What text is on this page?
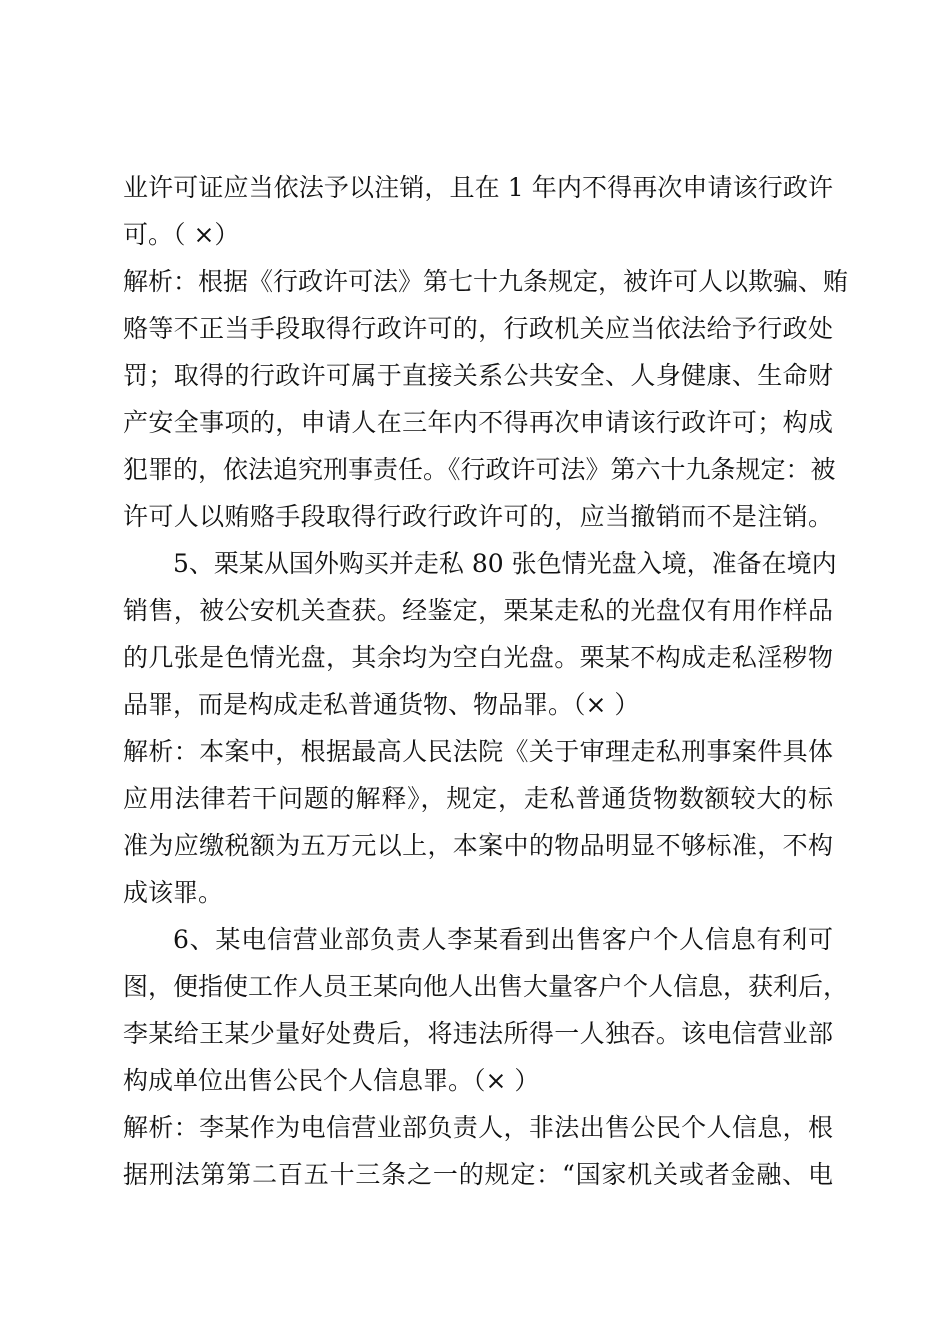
业许可证应当依法予以注销，且在 1 年内不得再次申请该行政许
可。（ ×）
解析：根据《行政许可法》第七十九条规定，被许可人以欺骗、贿
赂等不正当手段取得行政许可的，行政机关应当依法给予行政处
罚；取得的行政许可属于直接关系公共安全、人身健康、生命财
产安全事项的，申请人在三年内不得再次申请该行政许可；构成
犯罪的，依法追究刑事责任。《行政许可法》第六十九条规定：被
许可人以贿赂手段取得行政行政许可的，应当撤销而不是注销。
5、栗某从国外购买并走私 80 张色情光盘入境，准备在境内
销售，被公安机关查获。经鉴定，栗某走私的光盘仅有用作样品
的几张是色情光盘，其余均为空白光盘。栗某不构成走私淫秽物
品罪，而是构成走私普通货物、物品罪。（× ）
解析：本案中，根据最高人民法院《关于审理走私刑事案件具体
应用法律若干问题的解释》，规定，走私普通货物数额较大的标
准为应缴税额为五万元以上，本案中的物品明显不够标准，不构
成该罪。
6、某电信营业部负责人李某看到出售客户个人信息有利可
图，便指使工作人员王某向他人出售大量客户个人信息，获利后，
李某给王某少量好处费后，将违法所得一人独吞。该电信营业部
构成单位出售公民个人信息罪。（× ）
解析：李某作为电信营业部负责人，非法出售公民个人信息，根
据刑法第第二百五十三条之一的规定：“国家机关或者金融、电
